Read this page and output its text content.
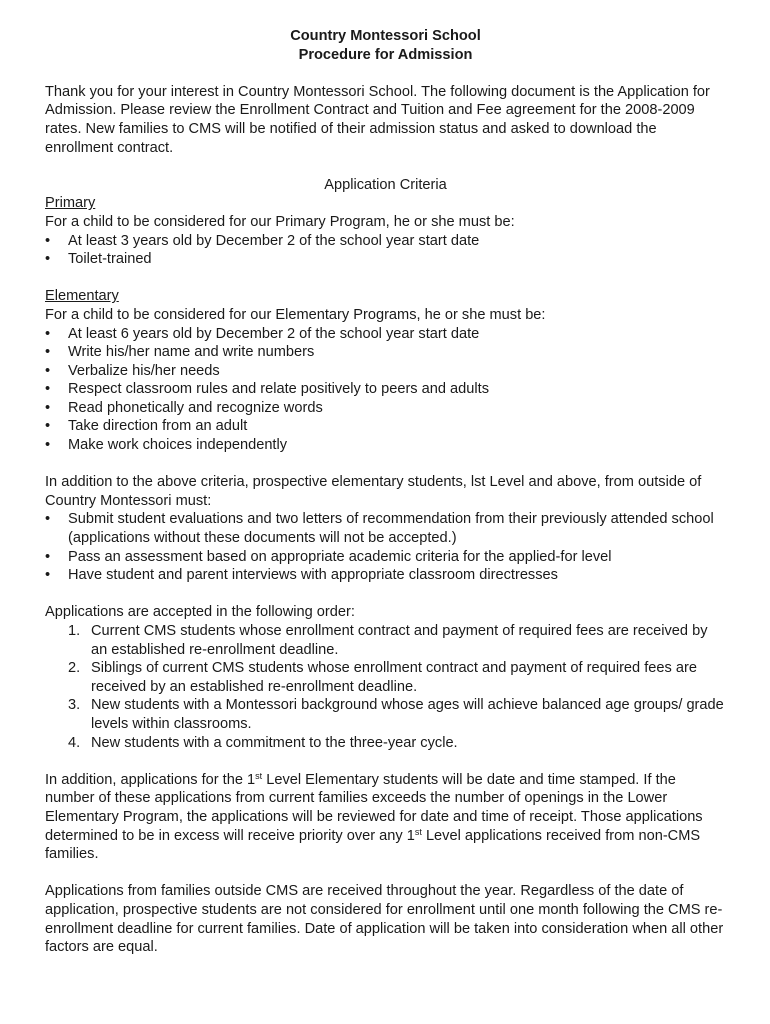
Country Montessori School
Procedure for Admission

Thank you for your interest in Country Montessori School. The following document is the Application for Admission. Please review the Enrollment Contract and Tuition and Fee agreement for the 2008-2009 rates. New families to CMS will be notified of their admission status and asked to download the enrollment contract.

Application Criteria
Primary

For a child to be considered for our Primary Program, he or she must be:

• At least 3 years old by December 2 of the school year start date
• Toilet-trained
Elementary

For a child to be considered for our Elementary Programs, he or she must be:

• At least 6 years old by December 2 of the school year start date
• Write his/her name and write numbers
• Verbalize his/her needs
• Respect classroom rules and relate positively to peers and adults
• Read phonetically and recognize words
• Take direction from an adult
• Make work choices independently

In addition to the above criteria, prospective elementary students, lst Level and above, from outside of Country Montessori must:

• Submit student evaluations and two letters of recommendation from their previously attended school (applications without these documents will not be accepted.)
• Pass an assessment based on appropriate academic criteria for the applied-for level
• Have student and parent interviews with appropriate classroom directresses

Applications are accepted in the following order:

1. Current CMS students whose enrollment contract and payment of required fees are received by an established re-enrollment deadline.
2. Siblings of current CMS students whose enrollment contract and payment of required fees are received by an established re-enrollment deadline.
3. New students with a Montessori background whose ages will achieve balanced age groups/ grade levels within classrooms.
4. New students with a commitment to the three-year cycle.

In addition, applications for the 1st Level Elementary students will be date and time stamped. If the number of these applications from current families exceeds the number of openings in the Lower Elementary Program, the applications will be reviewed for date and time of receipt. Those applications determined to be in excess will receive priority over any 1st Level applications received from non-CMS families.

Applications from families outside CMS are received throughout the year. Regardless of the date of application, prospective students are not considered for enrollment until one month following the CMS re-enrollment deadline for current families. Date of application will be taken into consideration when all other factors are equal.
